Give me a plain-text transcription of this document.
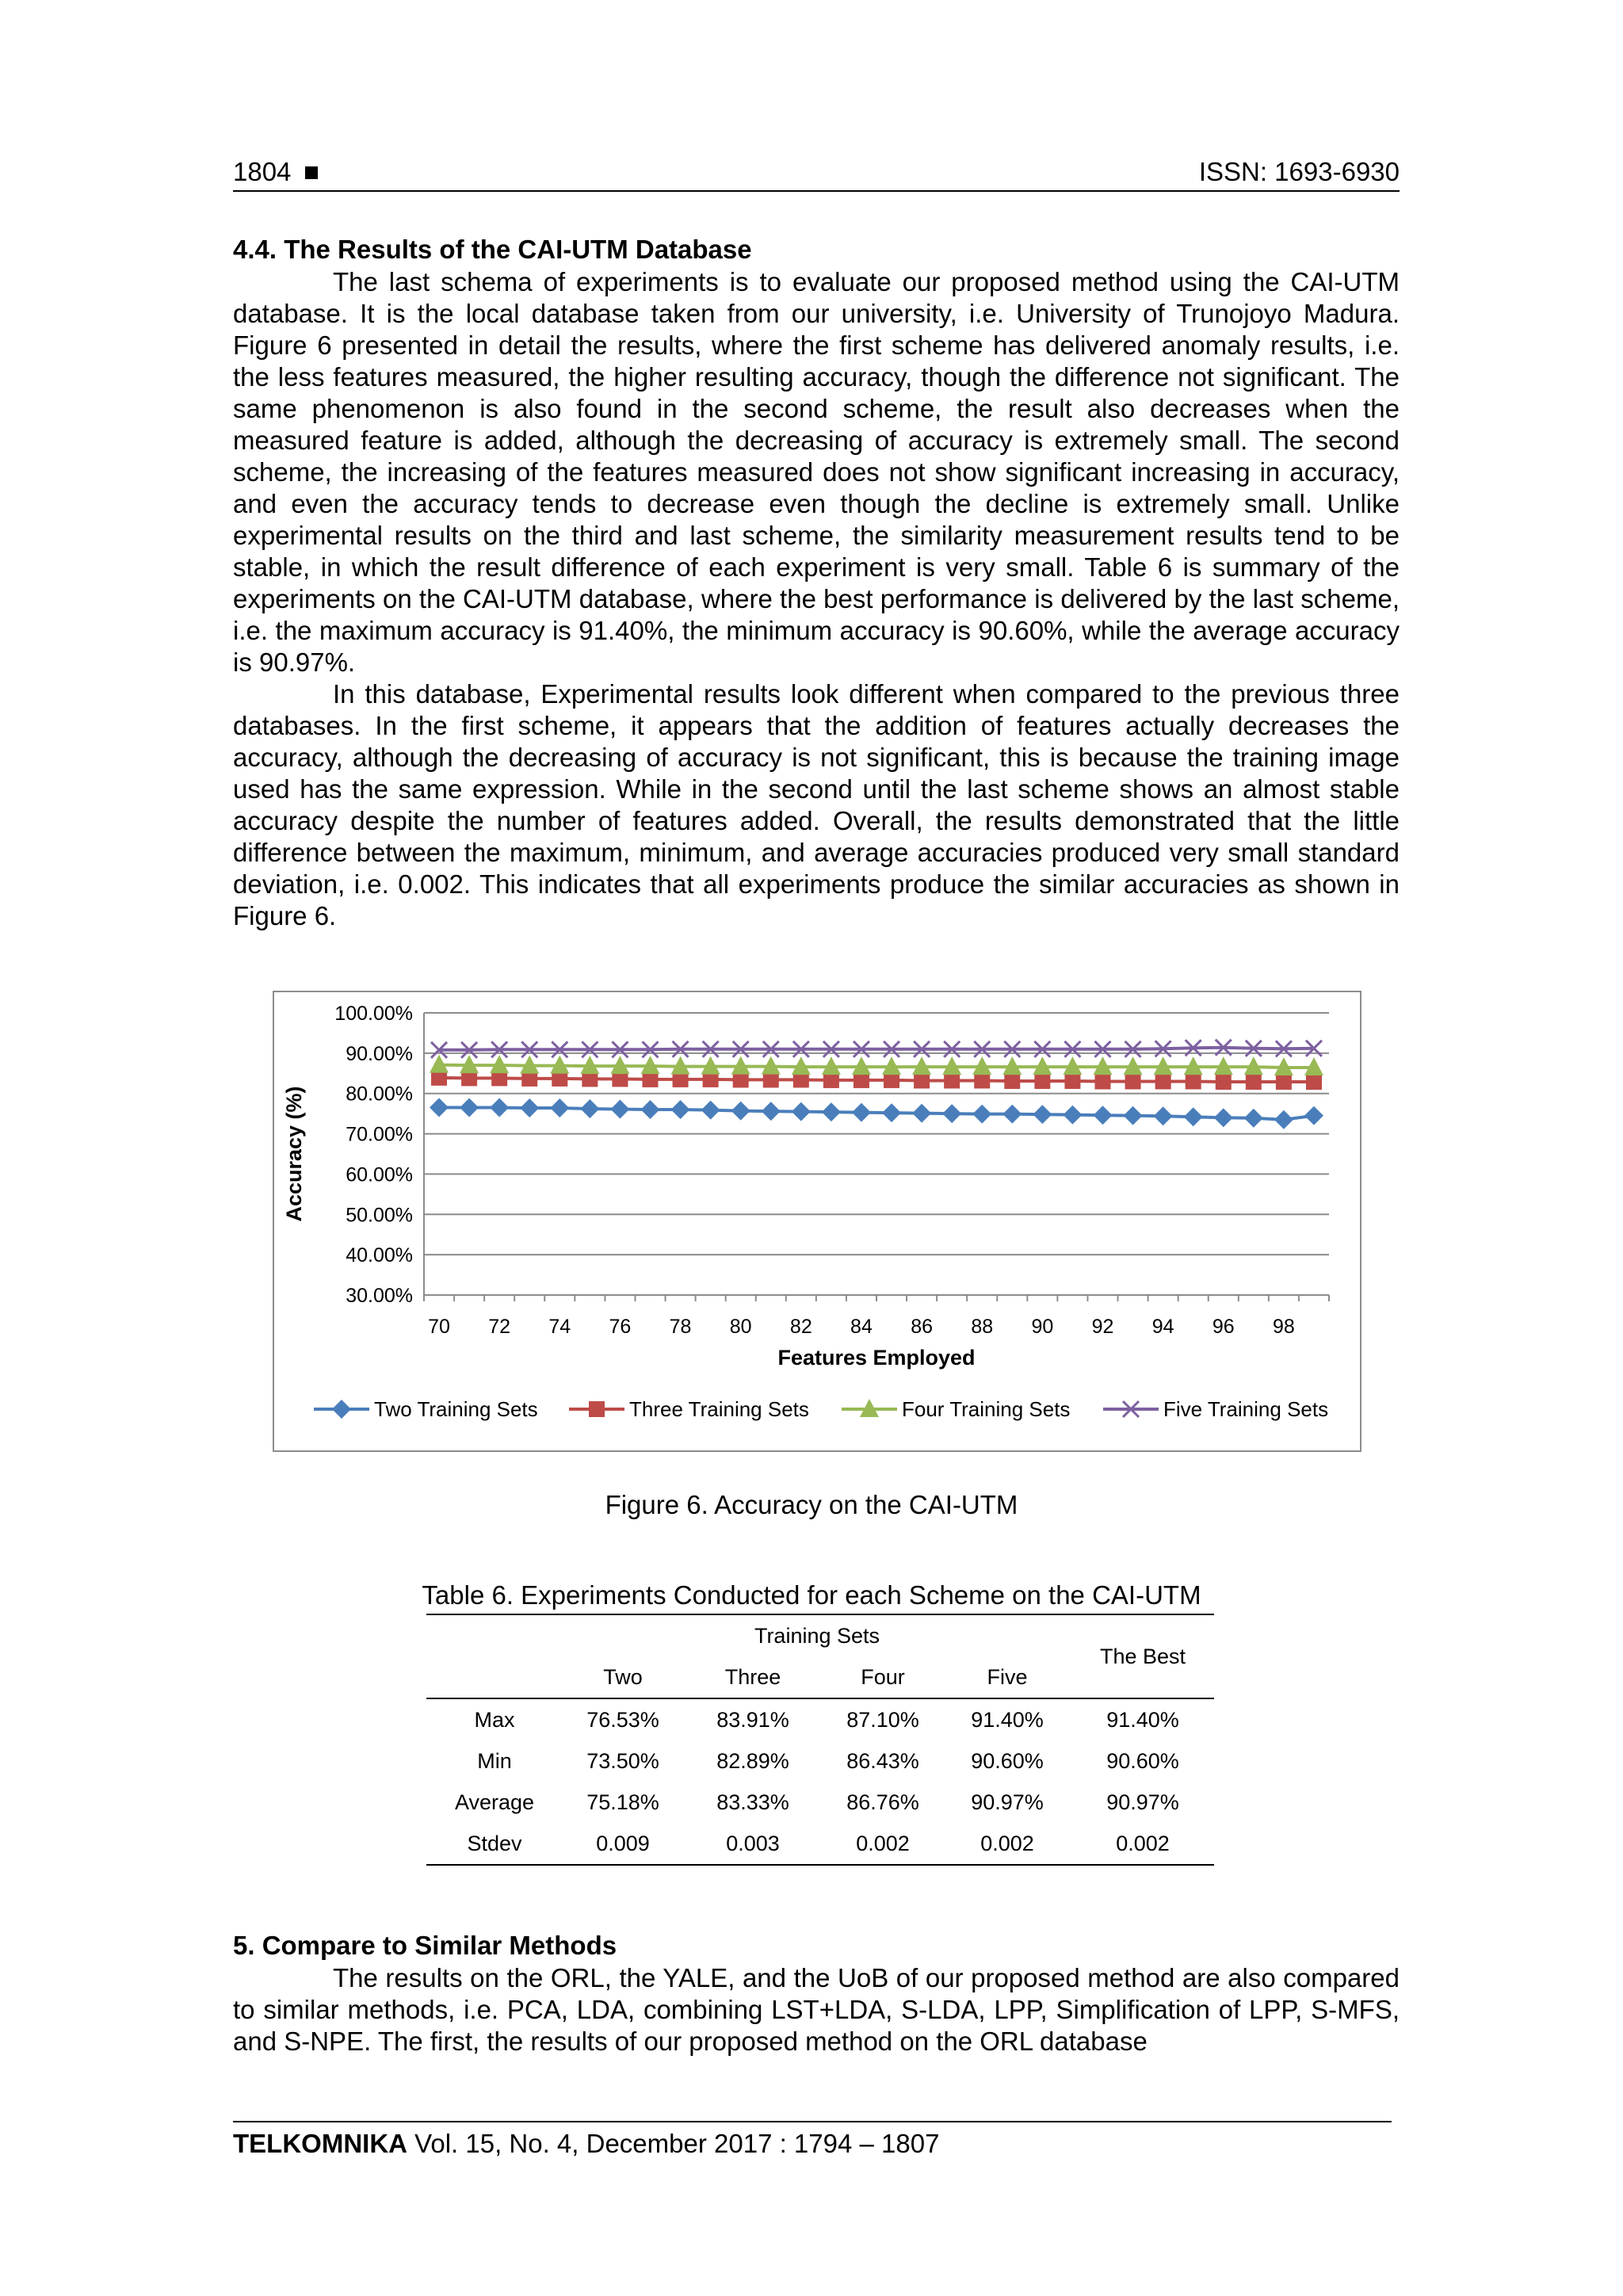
1804	ISSN: 1693-6930
4.4. The Results of the CAI-UTM Database
The last schema of experiments is to evaluate our proposed method using the CAI-UTM database. It is the local database taken from our university, i.e. University of Trunojoyo Madura. Figure 6 presented in detail the results, where the first scheme has delivered anomaly results, i.e. the less features measured, the higher resulting accuracy, though the difference not significant. The same phenomenon is also found in the second scheme, the result also decreases when the measured feature is added, although the decreasing of accuracy is extremely small. The second scheme, the increasing of the features measured does not show significant increasing in accuracy, and even the accuracy tends to decrease even though the decline is extremely small. Unlike experimental results on the third and last scheme, the similarity measurement results tend to be stable, in which the result difference of each experiment is very small. Table 6 is summary of the experiments on the CAI-UTM database, where the best performance is delivered by the last scheme, i.e. the maximum accuracy is 91.40%, the minimum accuracy is 90.60%, while the average accuracy is 90.97%.
In this database, Experimental results look different when compared to the previous three databases. In the first scheme, it appears that the addition of features actually decreases the accuracy, although the decreasing of accuracy is not significant, this is because the training image used has the same expression. While in the second until the last scheme shows an almost stable accuracy despite the number of features added. Overall, the results demonstrated that the little difference between the maximum, minimum, and average accuracies produced very small standard deviation, i.e. 0.002. This indicates that all experiments produce the similar accuracies as shown in Figure 6.
30.00%
40.00%
50.00%
60.00%
70.00%
80.00%
90.00%
100.00%
70 72 74 76 78 80 82 84 86 88 90 92 94 96 98
Features Employed
Accuracy (%)
Two Training Sets	Three Training Sets	Four Training Sets	Five Training Sets
Figure 6. Accuracy on the CAI-UTM
Table 6. Experiments Conducted for each Scheme on the CAI-UTM
	Training Sets				The Best
	Two	Three	Four	Five	
Max	76.53%	83.91%	87.10%	91.40%	91.40%
Min	73.50%	82.89%	86.43%	90.60%	90.60%
Average	75.18%	83.33%	86.76%	90.97%	90.97%
Stdev	0.009	0.003	0.002	0.002	0.002
5. Compare to Similar Methods
The results on the ORL, the YALE, and the UoB of our proposed method are also compared to similar methods, i.e. PCA, LDA, combining LST+LDA, S-LDA, LPP, Simplification of LPP, S-MFS, and S-NPE. The first, the results of our proposed method on the ORL database
TELKOMNIKA Vol. 15, No. 4, December 2017 : 1794 – 1807
